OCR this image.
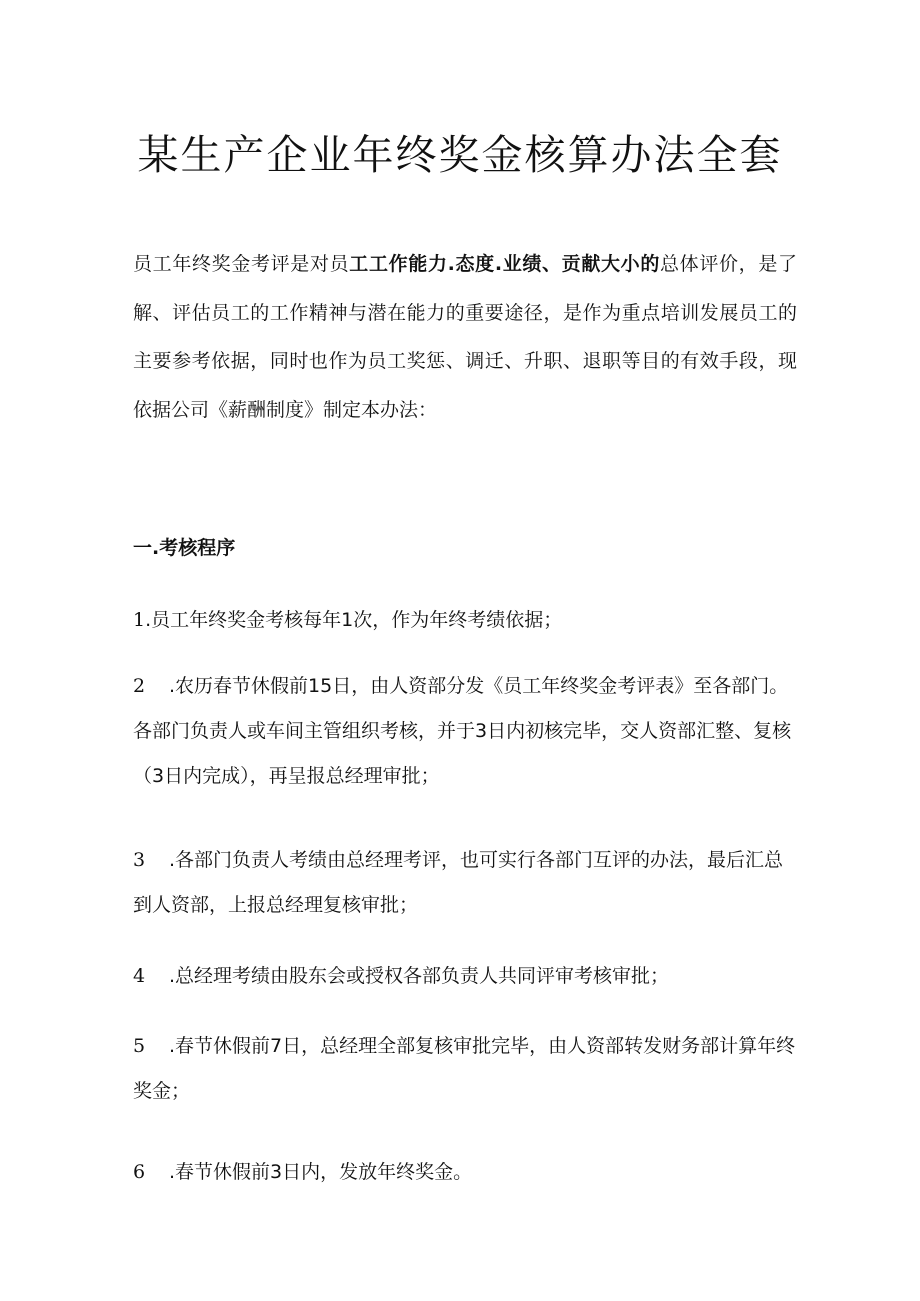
某生产企业年终奖金核算办法全套

员工年终奖金考评是对员工工作能力.态度.业绩、贡献大小的总体评价，是了解、评估员工的工作精神与潜在能力的重要途径，是作为重点培训发展员工的主要参考依据，同时也作为员工奖惩、调迁、升职、退职等目的有效手段，现依据公司《薪酬制度》制定本办法：

一.考核程序

1.员工年终奖金考核每年1次，作为年终考绩依据；

2 .农历春节休假前15日，由人资部分发《员工年终奖金考评表》至各部门。各部门负责人或车间主管组织考核，并于3日内初核完毕，交人资部汇整、复核（3日内完成），再呈报总经理审批；

3 .各部门负责人考绩由总经理考评，也可实行各部门互评的办法，最后汇总到人资部，上报总经理复核审批；

4 .总经理考绩由股东会或授权各部负责人共同评审考核审批；

5 .春节休假前7日，总经理全部复核审批完毕，由人资部转发财务部计算年终奖金；

6 .春节休假前3日内，发放年终奖金。
